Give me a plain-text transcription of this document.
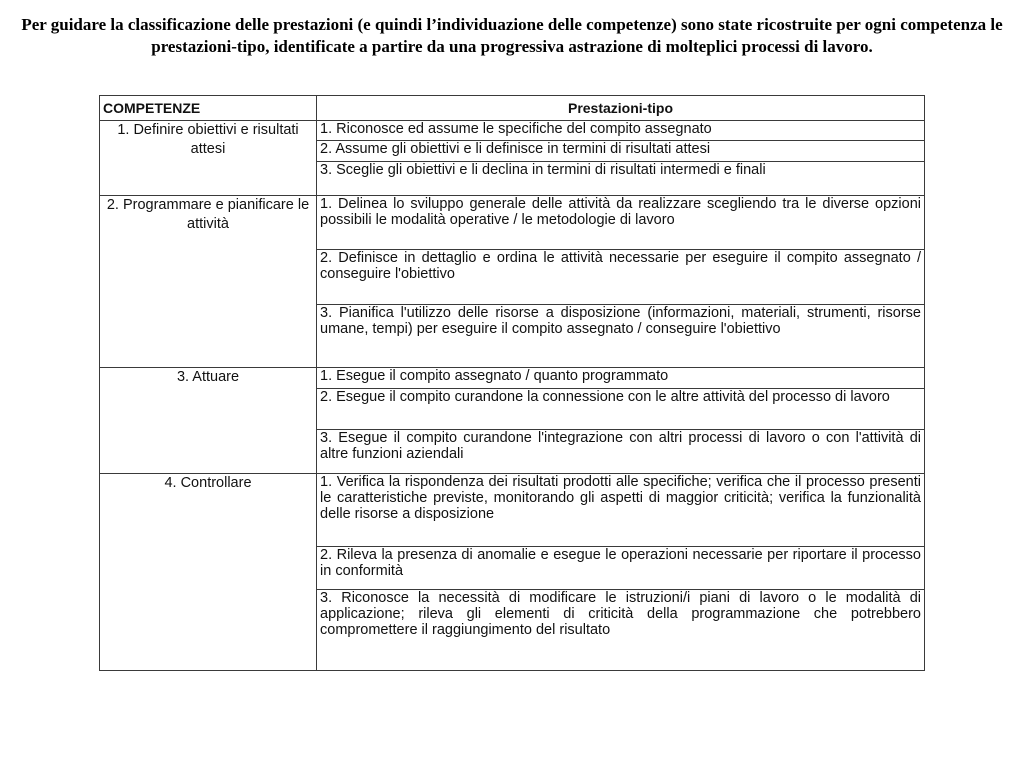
Per guidare la classificazione delle prestazioni (e quindi l’individuazione delle competenze) sono state ricostruite per ogni competenza le prestazioni-tipo, identificate a partire da una progressiva astrazione di molteplici processi di lavoro.

COMPETENZE	Prestazioni-tipo
1. Definire obiettivi e risultati attesi	1. Riconosce ed assume le specifiche del compito assegnato
	2. Assume gli obiettivi e li definisce in termini di risultati attesi
	3. Sceglie gli obiettivi e li declina in termini di risultati intermedi e finali
2. Programmare e pianificare le attività	1. Delinea lo sviluppo generale delle attività da realizzare scegliendo tra le diverse opzioni possibili le modalità operative / le metodologie di lavoro
	2. Definisce in dettaglio e ordina le attività necessarie per eseguire il compito assegnato / conseguire l'obiettivo
	3. Pianifica l'utilizzo delle risorse a disposizione (informazioni, materiali, strumenti, risorse umane, tempi) per eseguire il compito assegnato / conseguire l'obiettivo
3. Attuare	1. Esegue il compito assegnato / quanto programmato
	2. Esegue il compito curandone la connessione con le altre attività del processo di lavoro
	3. Esegue il compito curandone l'integrazione con altri processi di lavoro o con l'attività di altre funzioni aziendali
4. Controllare	1. Verifica la rispondenza dei risultati prodotti alle specifiche; verifica che il processo presenti le caratteristiche previste, monitorando gli aspetti di maggior criticità; verifica la funzionalità delle risorse a disposizione
	2. Rileva la presenza di anomalie e esegue le operazioni necessarie per riportare il processo in conformità
	3. Riconosce la necessità di modificare le istruzioni/i piani di lavoro o le modalità di applicazione; rileva gli elementi di criticità della programmazione che potrebbero compromettere il raggiungimento del risultato
